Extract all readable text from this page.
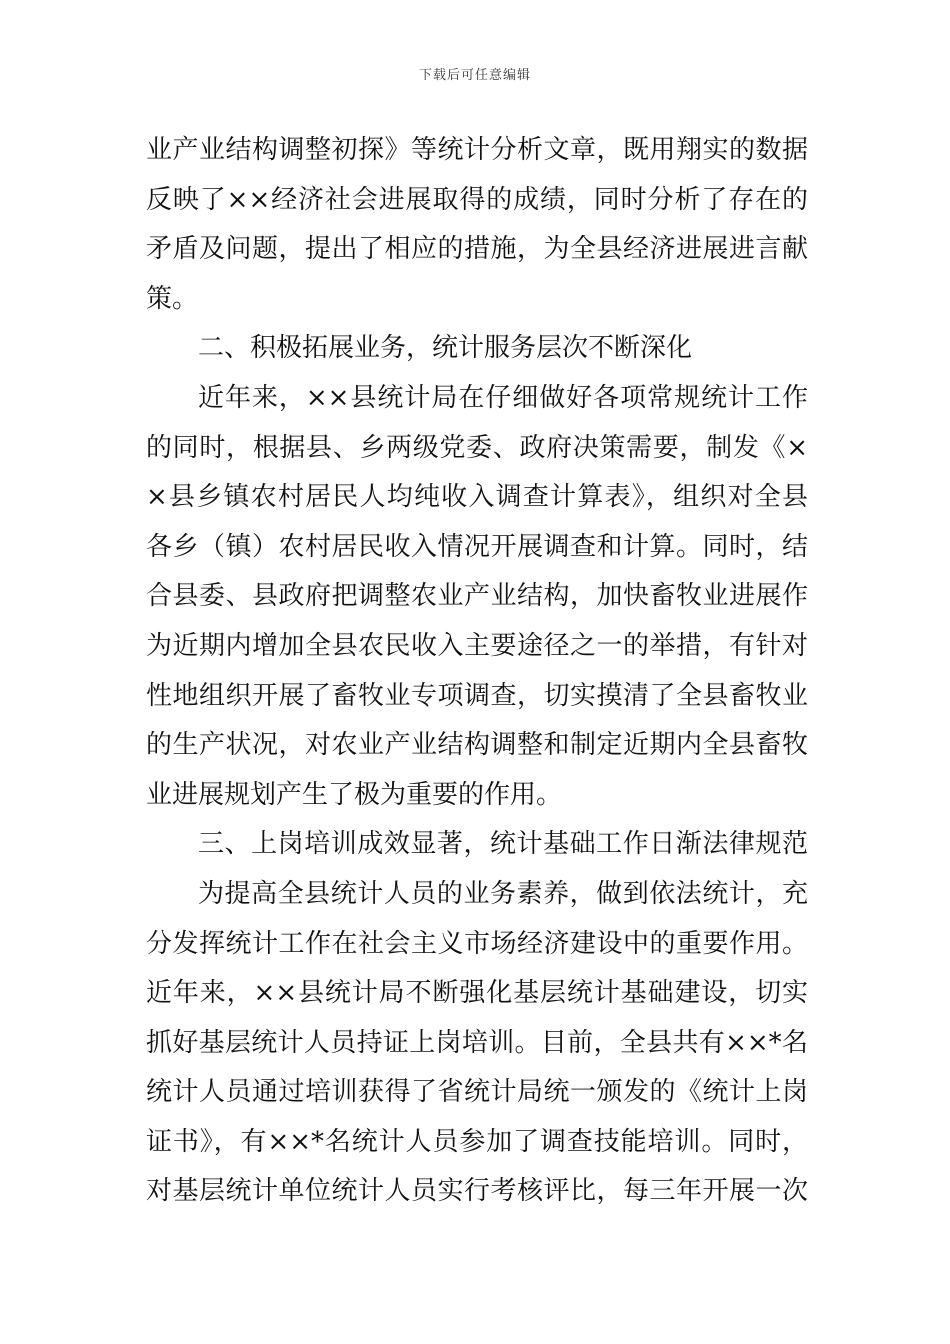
下载后可任意编辑
业产业结构调整初探》等统计分析文章，既用翔实的数据
反映了××经济社会进展取得的成绩，同时分析了存在的
矛盾及问题，提出了相应的措施，为全县经济进展进言献
策。
二、积极拓展业务，统计服务层次不断深化
近年来，××县统计局在仔细做好各项常规统计工作
的同时，根据县、乡两级党委、政府决策需要，制发《×
×县乡镇农村居民人均纯收入调查计算表》，组织对全县
各乡（镇）农村居民收入情况开展调查和计算。同时，结
合县委、县政府把调整农业产业结构，加快畜牧业进展作
为近期内增加全县农民收入主要途径之一的举措，有针对
性地组织开展了畜牧业专项调查，切实摸清了全县畜牧业
的生产状况，对农业产业结构调整和制定近期内全县畜牧
业进展规划产生了极为重要的作用。
三、上岗培训成效显著，统计基础工作日渐法律规范
为提高全县统计人员的业务素养，做到依法统计，充
分发挥统计工作在社会主义市场经济建设中的重要作用。
近年来，××县统计局不断强化基层统计基础建设，切实
抓好基层统计人员持证上岗培训。目前，全县共有××*名
统计人员通过培训获得了省统计局统一颁发的《统计上岗
证书》，有××*名统计人员参加了调查技能培训。同时，
对基层统计单位统计人员实行考核评比，每三年开展一次
